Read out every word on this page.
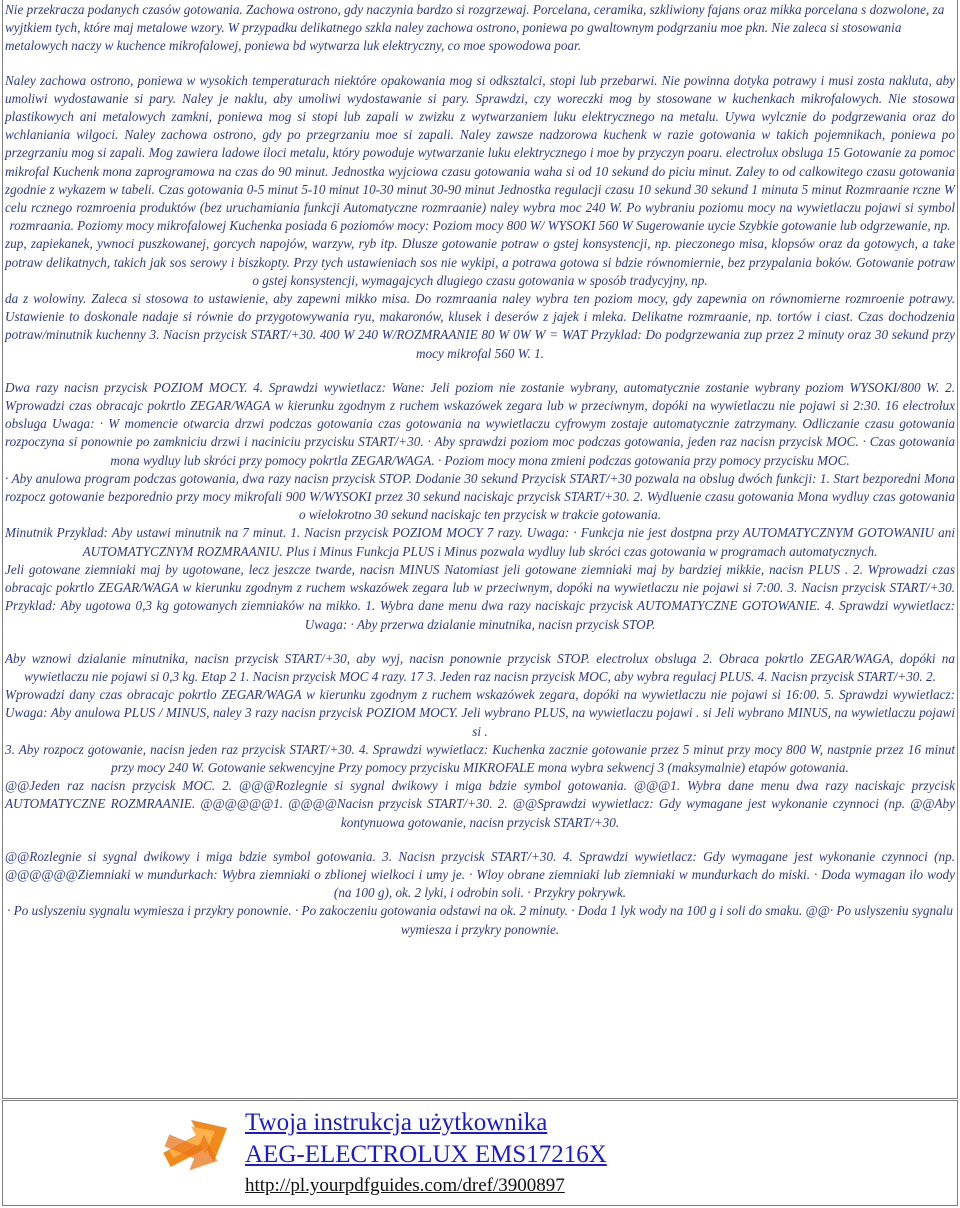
Nie przekracza podanych czasów gotowania. Zachowa ostrono, gdy naczynia bardzo si rozgrzewaj. Porcelana, ceramika, szkliwiony fajans oraz mikka porcelana s dozwolone, za wyjtkiem tych, które maj metalowe wzory. W przypadku delikatnego szkla naley zachowa ostrono, poniewa po gwaltownym podgrzaniu moe pkn. Nie zaleca si stosowania metalowych naczy w kuchence mikrofalowej, poniewa bd wytwarza luk elektryczny, co moe spowodowa poar.

Naley zachowa ostrono, poniewa w wysokich temperaturach niektóre opakowania mog si odksztalci, stopi lub przebarwi. Nie powinna dotyka potrawy i musi zosta nakluta, aby umoliwi wydostawanie si pary. Naley je naklu, aby umoliwi wydostawanie si pary. Sprawdzi, czy woreczki mog by stosowane w kuchenkach mikrofalowych. Nie stosowa plastikowych ani metalowych zamkni, poniewa mog si stopi lub zapali w zwizku z wytwarzaniem luku elektrycznego na metalu. Uywa wylcznie do podgrzewania oraz do wchlaniania wilgoci. Naley zachowa ostrono, gdy po przegrzaniu moe si zapali. Naley zawsze nadzorowa kuchenk w razie gotowania w takich pojemnikach, poniewa po przegrzaniu mog si zapali. Mog zawiera ladowe iloci metalu, który powoduje wytwarzanie luku elektrycznego i moe by przyczyn poaru. electrolux obsluga 15 Gotowanie za pomoc mikrofal Kuchenk mona zaprogramowa na czas do 90 minut. Jednostka wyjciowa czasu gotowania waha si od 10 sekund do piciu minut. Zaley to od calkowitego czasu gotowania zgodnie z wykazem w tabeli. Czas gotowania 0-5 minut 5-10 minut 10-30 minut 30-90 minut Jednostka regulacji czasu 10 sekund 30 sekund 1 minuta 5 minut Rozmraanie rczne W celu rcznego rozmroenia produktów (bez uruchamiania funkcji Automatyczne rozmraanie) naley wybra moc 240 W. Po wybraniu poziomu mocy na wywietlaczu pojawi si symbol rozmraania. Poziomy mocy mikrofalowej Kuchenka posiada 6 poziomów mocy: Poziom mocy 800 W/ WYSOKI 560 W Sugerowanie uycie Szybkie gotowanie lub odgrzewanie, np.

zup, zapiekanek, ywnoci puszkowanej, gorcych napojów, warzyw, ryb itp. Dlusze gotowanie potraw o gstej konsystencji, np. pieczonego misa, klopsów oraz da gotowych, a take potraw delikatnych, takich jak sos serowy i biszkopty. Przy tych ustawieniach sos nie wykipi, a potrawa gotowa si bdzie równomiernie, bez przypalania boków. Gotowanie potraw o gstej konsystencji, wymagajcych dlugiego czasu gotowania w sposób tradycyjny, np.

da z wolowiny. Zaleca si stosowa to ustawienie, aby zapewni mikko misa. Do rozmraania naley wybra ten poziom mocy, gdy zapewnia on równomierne rozmroenie potrawy. Ustawienie to doskonale nadaje si równie do przygotowywania ryu, makaronów, klusek i deserów z jajek i mleka. Delikatne rozmraanie, np. tortów i ciast. Czas dochodzenia potraw/minutnik kuchenny 3. Nacisn przycisk START/+30. 400 W 240 W/ROZMRAANIE 80 W 0W W = WAT Przyklad: Do podgrzewania zup przez 2 minuty oraz 30 sekund przy mocy mikrofal 560 W. 1.

Dwa razy nacisn przycisk POZIOM MOCY. 4. Sprawdzi wywietlacz: Wane: Jeli poziom nie zostanie wybrany, automatycznie zostanie wybrany poziom WYSOKI/800 W. 2. Wprowadzi czas obracajc pokrtlo ZEGAR/WAGA w kierunku zgodnym z ruchem wskazówek zegara lub w przeciwnym, dopóki na wywietlaczu nie pojawi si 2:30. 16 electrolux obsluga Uwaga: · W momencie otwarcia drzwi podczas gotowania czas gotowania na wywietlaczu cyfrowym zostaje automatycznie zatrzymany. Odliczanie czasu gotowania rozpoczyna si ponownie po zamkniciu drzwi i naciniciu przycisku START/+30. · Aby sprawdzi poziom moc podczas gotowania, jeden raz nacisn przycisk MOC. · Czas gotowania mona wydluy lub skróci przy pomocy pokrtla ZEGAR/WAGA. · Poziom mocy mona zmieni podczas gotowania przy pomocy przycisku MOC.

· Aby anulowa program podczas gotowania, dwa razy nacisn przycisk STOP. Dodanie 30 sekund Przycisk START/+30 pozwala na obslug dwóch funkcji: 1. Start bezporedni Mona rozpocz gotowanie bezporednio przy mocy mikrofali 900 W/WYSOKI przez 30 sekund naciskajc przycisk START/+30. 2. Wydluenie czasu gotowania Mona wydluy czas gotowania o wielokrotno 30 sekund naciskajc ten przycisk w trakcie gotowania.

Minutnik Przyklad: Aby ustawi minutnik na 7 minut. 1. Nacisn przycisk POZIOM MOCY 7 razy. Uwaga: · Funkcja nie jest dostpna przy AUTOMATYCZNYM GOTOWANIU ani AUTOMATYCZNYM ROZMRAANIU. Plus i Minus Funkcja PLUS i Minus pozwala wydluy lub skróci czas gotowania w programach automatycznych.

Jeli gotowane ziemniaki maj by ugotowane, lecz jeszcze twarde, nacisn MINUS Natomiast jeli gotowane ziemniaki maj by bardziej mikkie, nacisn PLUS . 2. Wprowadzi czas obracajc pokrtlo ZEGAR/WAGA w kierunku zgodnym z ruchem wskazówek zegara lub w przeciwnym, dopóki na wywietlaczu nie pojawi si 7:00. 3. Nacisn przycisk START/+30. Przyklad: Aby ugotowa 0,3 kg gotowanych ziemniaków na mikko. 1. Wybra dane menu dwa razy naciskajc przycisk AUTOMATYCZNE GOTOWANIE. 4. Sprawdzi wywietlacz: Uwaga: · Aby przerwa dzialanie minutnika, nacisn przycisk STOP.

Aby wznowi dzialanie minutnika, nacisn przycisk START/+30, aby wyj, nacisn ponownie przycisk STOP. electrolux obsluga 2. Obraca pokrtlo ZEGAR/WAGA, dopóki na wywietlaczu nie pojawi si 0,3 kg. Etap 2 1. Nacisn przycisk MOC 4 razy. 17 3. Jeden raz nacisn przycisk MOC, aby wybra regulacj PLUS. 4. Nacisn przycisk START/+30. 2.

Wprowadzi dany czas obracajc pokrtlo ZEGAR/WAGA w kierunku zgodnym z ruchem wskazówek zegara, dopóki na wywietlaczu nie pojawi si 16:00. 5. Sprawdzi wywietlacz: Uwaga: Aby anulowa PLUS / MINUS, naley 3 razy nacisn przycisk POZIOM MOCY. Jeli wybrano PLUS, na wywietlaczu pojawi . si Jeli wybrano MINUS, na wywietlaczu pojawi si .

3. Aby rozpocz gotowanie, nacisn jeden raz przycisk START/+30. 4. Sprawdzi wywietlacz: Kuchenka zacznie gotowanie przez 5 minut przy mocy 800 W, nastpnie przez 16 minut przy mocy 240 W. Gotowanie sekwencyjne Przy pomocy przycisku MIKROFALE mona wybra sekwencj 3 (maksymalnie) etapów gotowania.

@@Jeden raz nacisn przycisk MOC. 2. @@@Rozlegnie si sygnal dwikowy i miga bdzie symbol gotowania. @@@1. Wybra dane menu dwa razy naciskajc przycisk AUTOMATYCZNE ROZMRAANIE. @@@@@@1. @@@@Nacisn przycisk START/+30. 2. @@Sprawdzi wywietlacz: Gdy wymagane jest wykonanie czynnoci (np. @@Aby kontynuowa gotowanie, nacisn przycisk START/+30.

@@Rozlegnie si sygnal dwikowy i miga bdzie symbol gotowania. 3. Nacisn przycisk START/+30. 4. Sprawdzi wywietlacz: Gdy wymagane jest wykonanie czynnoci (np. @@@@@@Ziemniaki w mundurkach: Wybra ziemniaki o zblionej wielkoci i umy je. · Wloy obrane ziemniaki lub ziemniaki w mundurkach do miski. · Doda wymagan ilo wody (na 100 g), ok. 2 lyki, i odrobin soli. · Przykry pokrywk.

· Po uslyszeniu sygnalu wymiesza i przykry ponownie. · Po zakoczeniu gotowania odstawi na ok. 2 minuty. · Doda 1 lyk wody na 100 g i soli do smaku. @@· Po uslyszeniu sygnalu wymiesza i przykry ponownie.

Twoja instrukcja użytkownika
AEG-ELECTROLUX EMS17216X
http://pl.yourpdfguides.com/dref/3900897
